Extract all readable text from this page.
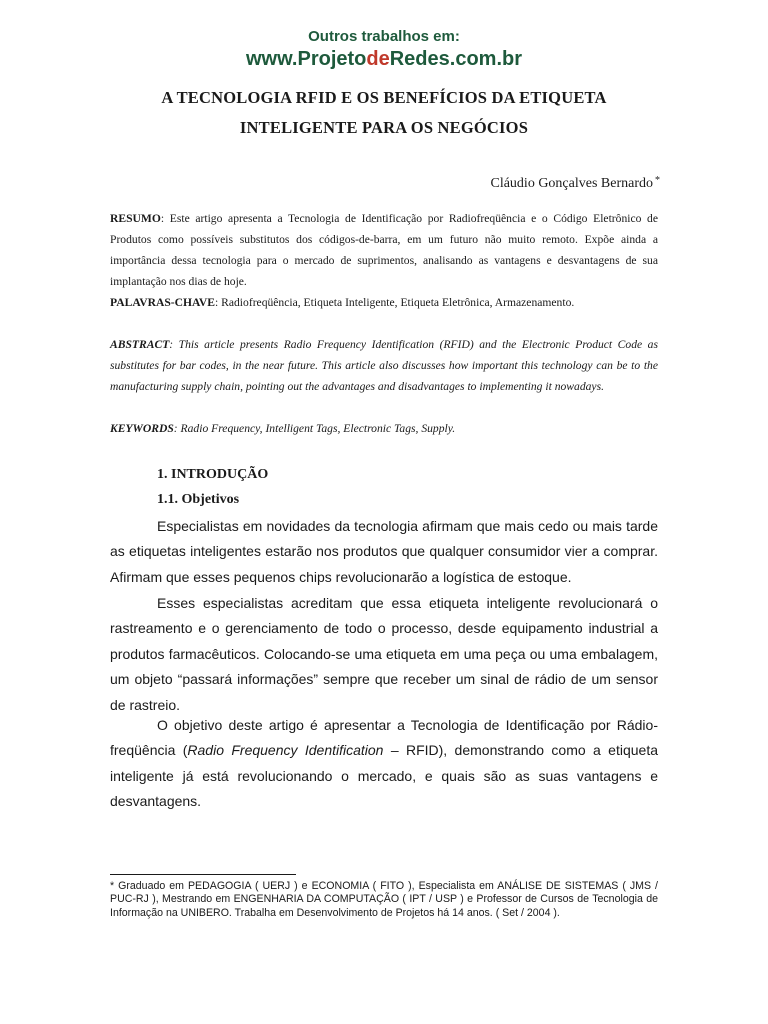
Outros trabalhos em:
www.ProjetodeRedes.com.br
A TECNOLOGIA RFID E OS BENEFÍCIOS DA ETIQUETA
INTELIGENTE PARA OS NEGÓCIOS
Cláudio Gonçalves Bernardo *
RESUMO: Este artigo apresenta a Tecnologia de Identificação por Radiofreqüência e o Código Eletrônico de Produtos como possíveis substitutos dos códigos-de-barra, em um futuro não muito remoto. Expõe ainda a importância dessa tecnologia para o mercado de suprimentos, analisando as vantagens e desvantagens de sua implantação nos dias de hoje.
PALAVRAS-CHAVE: Radiofreqüência, Etiqueta Inteligente, Etiqueta Eletrônica, Armazenamento.
ABSTRACT: This article presents Radio Frequency Identification (RFID) and the Electronic Product Code as substitutes for bar codes, in the near future. This article also discusses how important this technology can be to the manufacturing supply chain, pointing out the advantages and disadvantages to implementing it nowadays.
KEYWORDS: Radio Frequency, Intelligent Tags, Electronic Tags, Supply.
1. INTRODUÇÃO
1.1. Objetivos

Especialistas em novidades da tecnologia afirmam que mais cedo ou mais tarde as etiquetas inteligentes estarão nos produtos que qualquer consumidor vier a comprar. Afirmam que esses pequenos chips revolucionarão a logística de estoque.

Esses especialistas acreditam que essa etiqueta inteligente revolucionará o rastreamento e o gerenciamento de todo o processo, desde equipamento industrial a produtos farmacêuticos. Colocando-se uma etiqueta em uma peça ou uma embalagem, um objeto “passará informações” sempre que receber um sinal de rádio de um sensor de rastreio.

O objetivo deste artigo é apresentar a Tecnologia de Identificação por Rádio-freqüência (Radio Frequency Identification – RFID), demonstrando como a etiqueta inteligente já está revolucionando o mercado, e quais são as suas vantagens e desvantagens.

* Graduado em PEDAGOGIA ( UERJ ) e ECONOMIA ( FITO ), Especialista em ANÁLISE DE SISTEMAS ( JMS / PUC-RJ ), Mestrando em ENGENHARIA DA COMPUTAÇÃO ( IPT / USP ) e Professor de Cursos de Tecnologia de Informação na UNIBERO. Trabalha em Desenvolvimento de Projetos há 14 anos. ( Set / 2004 ).
